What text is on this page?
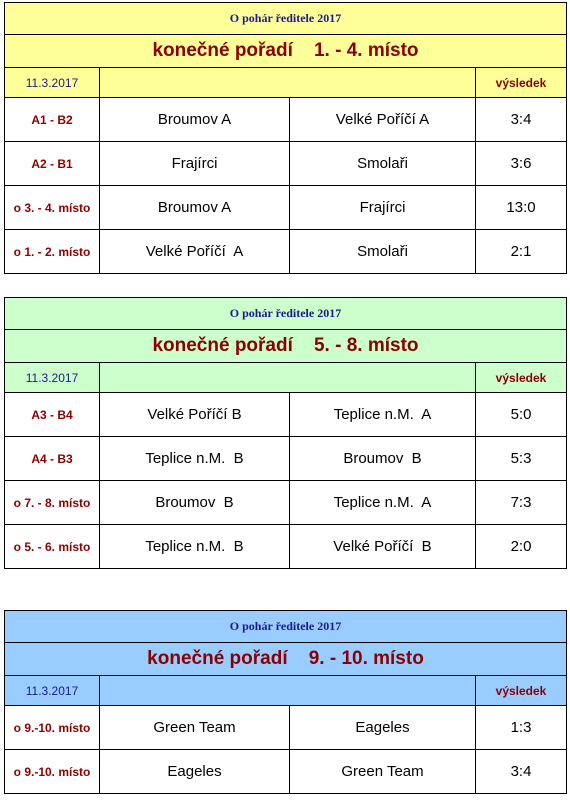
O pohár ředitele 2017			
konečné pořadí    1. - 4. místo			
11.3.2017			výsledek
A1 - B2	Broumov A	Velké Poříčí A	3:4
A2 - B1	Frajírci	Smolaři	3:6
o 3. - 4. místo	Broumov A	Frajírci	13:0
o 1. - 2. místo	Velké Poříčí  A	Smolaři	2:1
O pohár ředitele 2017			
konečné pořadí    5. - 8. místo			
11.3.2017			výsledek
A3 - B4	Velké Poříčí B	Teplice n.M.  A	5:0
A4 - B3	Teplice n.M.  B	Broumov  B	5:3
o 7. - 8. místo	Broumov  B	Teplice n.M.  A	7:3
o 5. - 6. místo	Teplice n.M.  B	Velké Poříčí  B	2:0
O pohár ředitele 2017			
konečné pořadí    9. - 10. místo			
11.3.2017			výsledek
o 9.-10. místo	Green Team	Eageles	1:3
o 9.-10. místo	Eageles	Green Team	3:4
